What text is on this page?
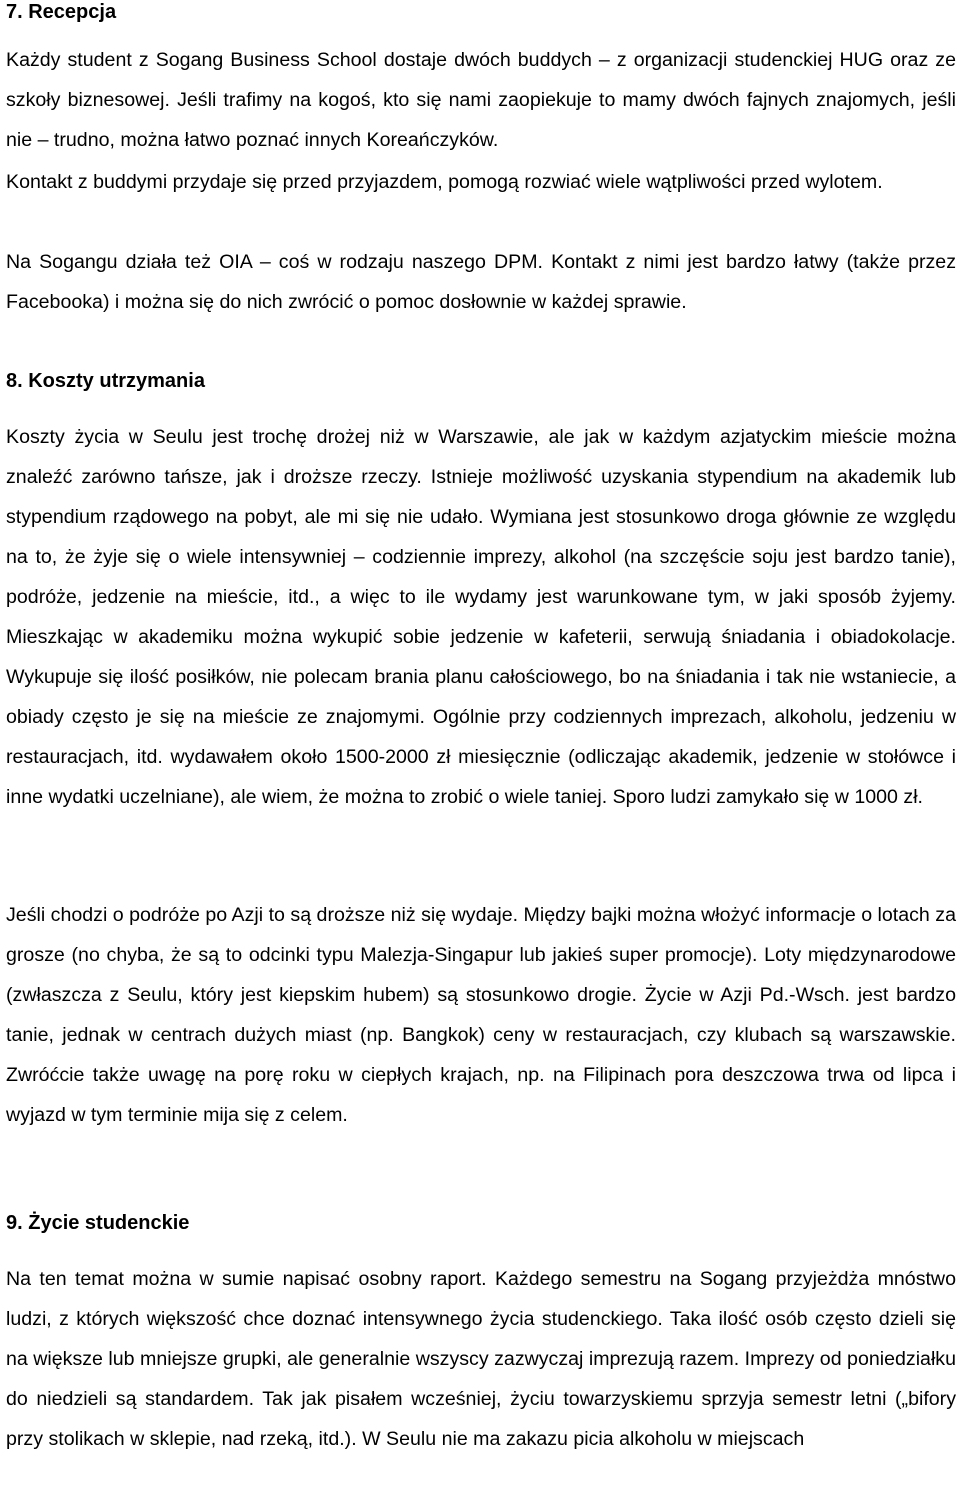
7. Recepcja

Każdy student z Sogang Business School dostaje dwóch buddych – z organizacji studenckiej HUG oraz ze szkoły biznesowej. Jeśli trafimy na kogoś, kto się nami zaopiekuje to mamy dwóch fajnych znajomych, jeśli nie – trudno, można łatwo poznać innych Koreańczyków.

Kontakt z buddymi przydaje się przed przyjazdem, pomogą rozwiać wiele wątpliwości przed wylotem.

Na Sogangu działa też OIA – coś w rodzaju naszego DPM. Kontakt z nimi jest bardzo łatwy (także przez Facebooka) i można się do nich zwrócić o pomoc dosłownie w każdej sprawie.

8. Koszty utrzymania

Koszty życia w Seulu jest trochę drożej niż w Warszawie, ale jak w każdym azjatyckim mieście można znaleźć zarówno tańsze, jak i droższe rzeczy. Istnieje możliwość uzyskania stypendium na akademik lub stypendium rządowego na pobyt, ale mi się nie udało. Wymiana jest stosunkowo droga głównie ze względu na to, że żyje się o wiele intensywniej – codziennie imprezy, alkohol (na szczęście soju jest bardzo tanie), podróże, jedzenie na mieście, itd., a więc to ile wydamy jest warunkowane tym, w jaki sposób żyjemy. Mieszkając w akademiku można wykupić sobie jedzenie w kafeterii, serwują śniadania i obiadokolacje. Wykupuje się ilość posiłków, nie polecam brania planu całościowego, bo na śniadania i tak nie wstaniecie, a obiady często je się na mieście ze znajomymi. Ogólnie przy codziennych imprezach, alkoholu, jedzeniu w restauracjach, itd. wydawałem około 1500-2000 zł miesięcznie (odliczając akademik, jedzenie w stołówce i inne wydatki uczelniane), ale wiem, że można to zrobić o wiele taniej. Sporo ludzi zamykało się w 1000 zł.

Jeśli chodzi o podróże po Azji to są droższe niż się wydaje. Między bajki można włożyć informacje o lotach za grosze (no chyba, że są to odcinki typu Malezja-Singapur lub jakieś super promocje). Loty międzynarodowe (zwłaszcza z Seulu, który jest kiepskim hubem) są stosunkowo drogie. Życie w Azji Pd.-Wsch. jest bardzo tanie, jednak w centrach dużych miast (np. Bangkok) ceny w restauracjach, czy klubach są warszawskie. Zwróćcie także uwagę na porę roku w ciepłych krajach, np. na Filipinach pora deszczowa trwa od lipca i wyjazd w tym terminie mija się z celem.

9. Życie studenckie

Na ten temat można w sumie napisać osobny raport. Każdego semestru na Sogang przyjeżdża mnóstwo ludzi, z których większość chce doznać intensywnego życia studenckiego. Taka ilość osób często dzieli się na większe lub mniejsze grupki, ale generalnie wszyscy zazwyczaj imprezują razem. Imprezy od poniedziałku do niedzieli są standardem. Tak jak pisałem wcześniej, życiu towarzyskiemu sprzyja semestr letni („bifory przy stolikach w sklepie, nad rzeką, itd.). W Seulu nie ma zakazu picia alkoholu w miejscach
